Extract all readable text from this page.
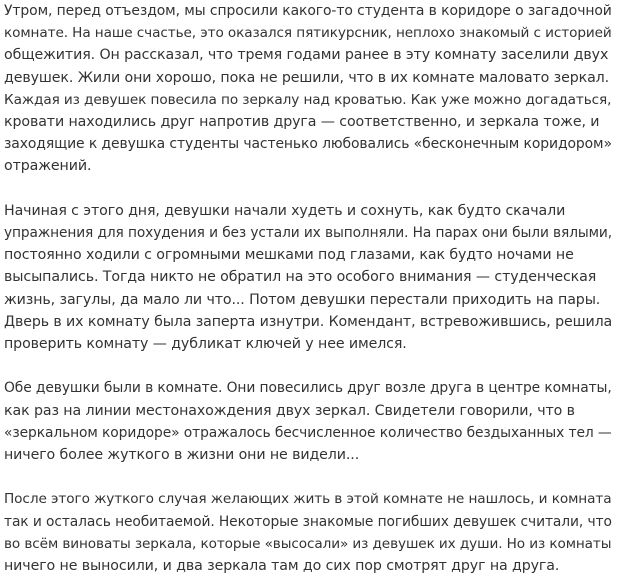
Утром, перед отъездом, мы спросили какого-то студента в коридоре о загадочной
комнате. На наше счастье, это оказался пятикурсник, неплохо знакомый с историей
общежития. Он рассказал, что тремя годами ранее в эту комнату заселили двух
девушек. Жили они хорошо, пока не решили, что в их комнате маловато зеркал.
Каждая из девушек повесила по зеркалу над кроватью. Как уже можно догадаться,
кровати находились друг напротив друга — соответственно, и зеркала тоже, и
заходящие к девушка студенты частенько любовались «бесконечным коридором»
отражений.

Начиная с этого дня, девушки начали худеть и сохнуть, как будто скачали
упражнения для похудения и без устали их выполняли. На парах они были вялыми,
постоянно ходили с огромными мешками под глазами, как будто ночами не
высыпались. Тогда никто не обратил на это особого внимания — студенческая
жизнь, загулы, да мало ли что... Потом девушки перестали приходить на пары.
Дверь в их комнату была заперта изнутри. Комендант, встревожившись, решила
проверить комнату — дубликат ключей у нее имелся.

Обе девушки были в комнате. Они повесились друг возле друга в центре комнаты,
как раз на линии местонахождения двух зеркал. Свидетели говорили, что в
«зеркальном коридоре» отражалось бесчисленное количество бездыханных тел —
ничего более жуткого в жизни они не видели...

После этого жуткого случая желающих жить в этой комнате не нашлось, и комната
так и осталась необитаемой. Некоторые знакомые погибших девушек считали, что
во всём виноваты зеркала, которые «высосали» из девушек их души. Но из комнаты
ничего не выносили, и два зеркала там до сих пор смотрят друг на друга.
